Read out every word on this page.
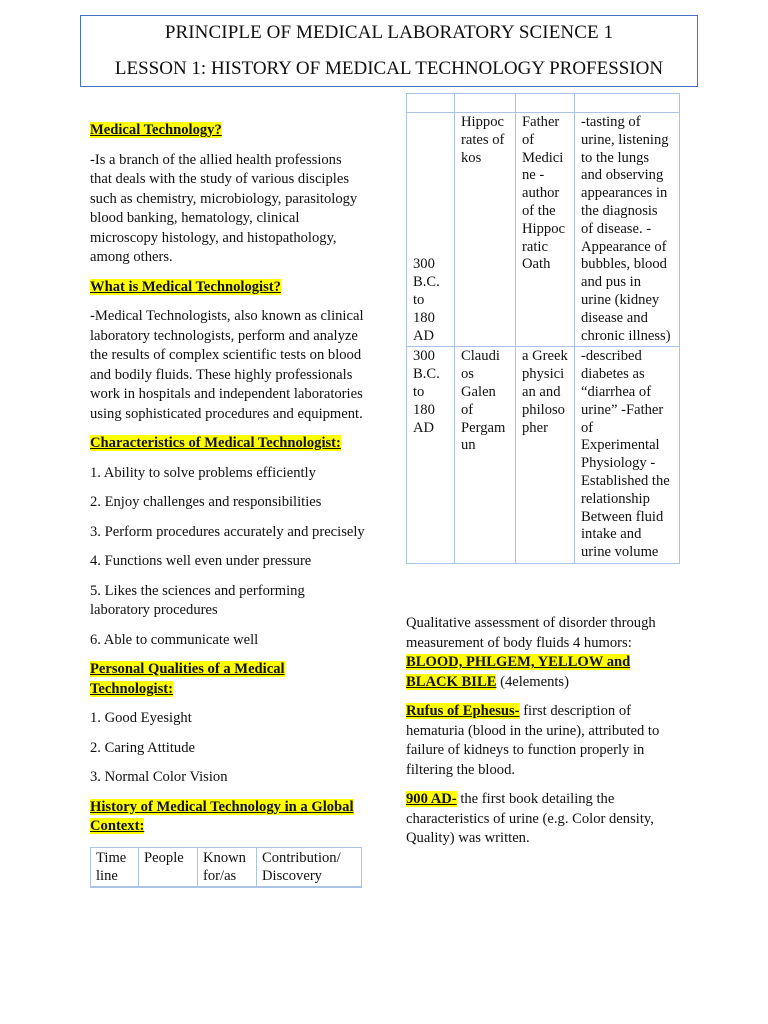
PRINCIPLE OF MEDICAL LABORATORY SCIENCE 1
LESSON 1: HISTORY OF MEDICAL TECHNOLOGY PROFESSION

Medical Technology?

-Is a branch of the allied health professions that deals with the study of various disciples such as chemistry, microbiology, parasitology blood banking, hematology, clinical microscopy histology, and histopathology, among others.

What is Medical Technologist?

-Medical Technologists, also known as clinical laboratory technologists, perform and analyze the results of complex scientific tests on blood and bodily fluids. These highly professionals work in hospitals and independent laboratories using sophisticated procedures and equipment.

Characteristics of Medical Technologist:

1. Ability to solve problems efficiently

2. Enjoy challenges and responsibilities

3. Perform procedures accurately and precisely

4. Functions well even under pressure

5. Likes the sciences and performing laboratory procedures

6. Able to communicate well

Personal Qualities of a Medical Technologist:

1. Good Eyesight

2. Caring Attitude

3. Normal Color Vision

History of Medical Technology in a Global Context:

Time line	People	Known for/as	Contribution/ Discovery

300 B.C. to 180 AD	Hippoc rates of kos	Father of Medici ne -author of the Hippoc ratic Oath	-tasting of urine, listening to the lungs and observing appearances in the diagnosis of disease. -Appearance of bubbles, blood and pus in urine (kidney disease and chronic illness)
300 B.C. to 180 AD	Claudi os Galen of Pergam un	a Greek physici an and philoso pher	-described diabetes as “diarrhea of urine” -Father of Experimental Physiology -Established the relationship Between fluid intake and urine volume

Qualitative assessment of disorder through measurement of body fluids 4 humors: BLOOD, PHLGEM, YELLOW and BLACK BILE (4elements)

Rufus of Ephesus- first description of hematuria (blood in the urine), attributed to failure of kidneys to function properly in filtering the blood.

900 AD- the first book detailing the characteristics of urine (e.g. Color density, Quality) was written.
